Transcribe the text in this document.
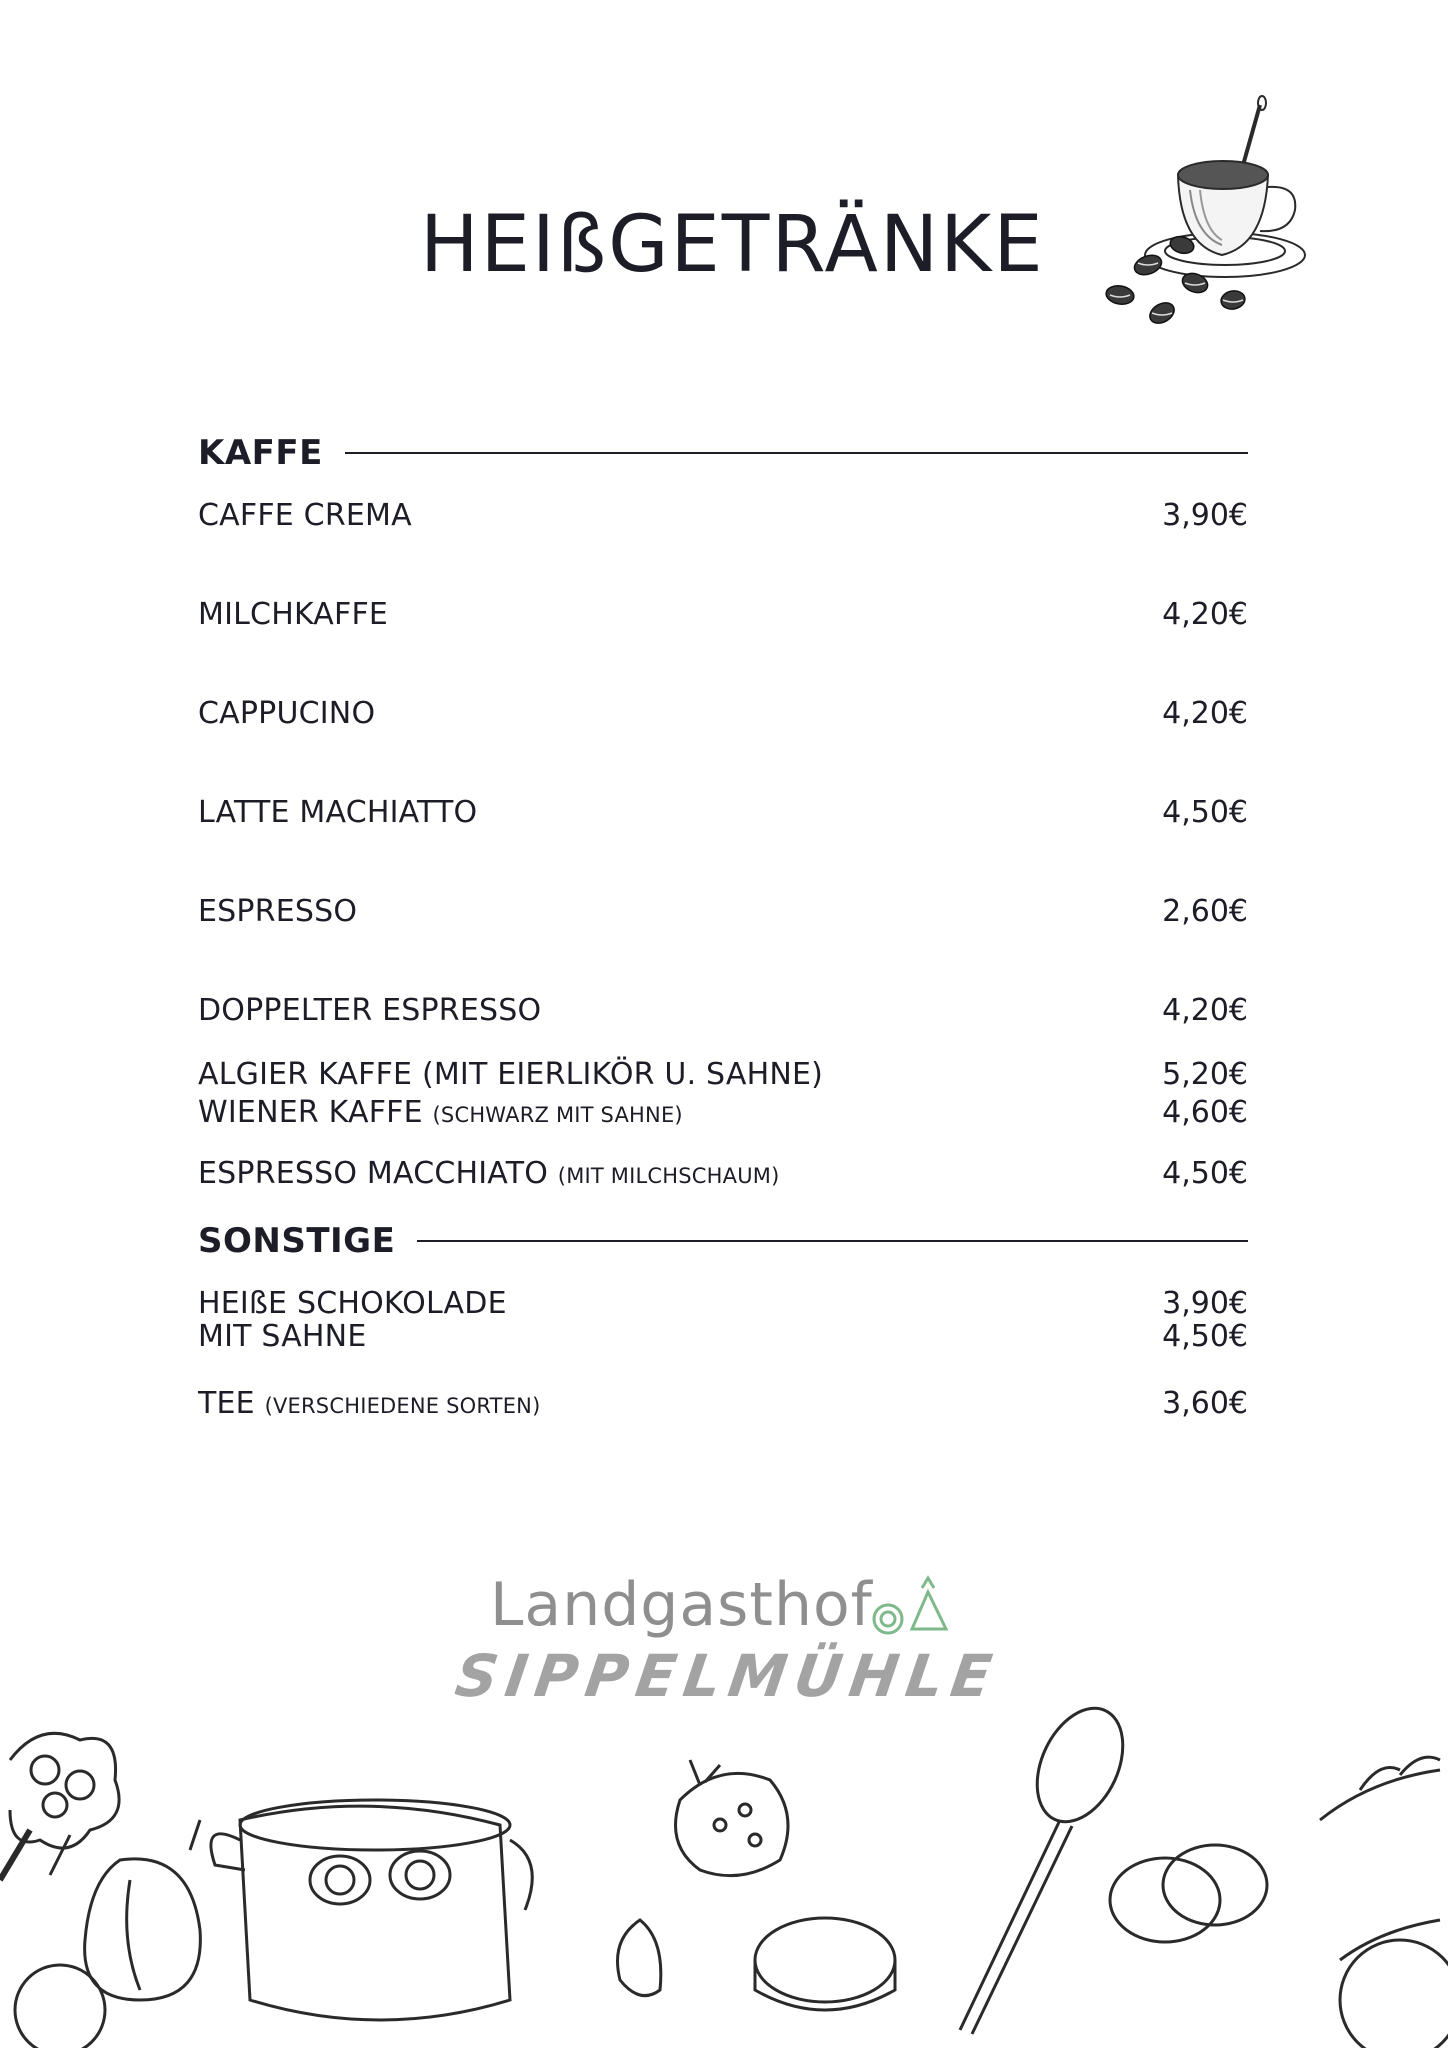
HEIßGETRÄNKE
KAFFE
CAFFE CREMA	3,90€
MILCHKAFFE	4,20€
CAPPUCINO	4,20€
LATTE MACHIATTO	4,50€
ESPRESSO	2,60€
DOPPELTER ESPRESSO	4,20€
ALGIER KAFFE (MIT EIERLIKÖR U. SAHNE)	5,20€
WIENER KAFFE (SCHWARZ MIT SAHNE)	4,60€
ESPRESSO MACCHIATO (MIT MILCHSCHAUM)	4,50€
SONSTIGE
HEIßE SCHOKOLADE	3,90€
MIT SAHNE	4,50€
TEE (VERSCHIEDENE SORTEN)	3,60€
Landgasthof
SIPPELMÜHLE
